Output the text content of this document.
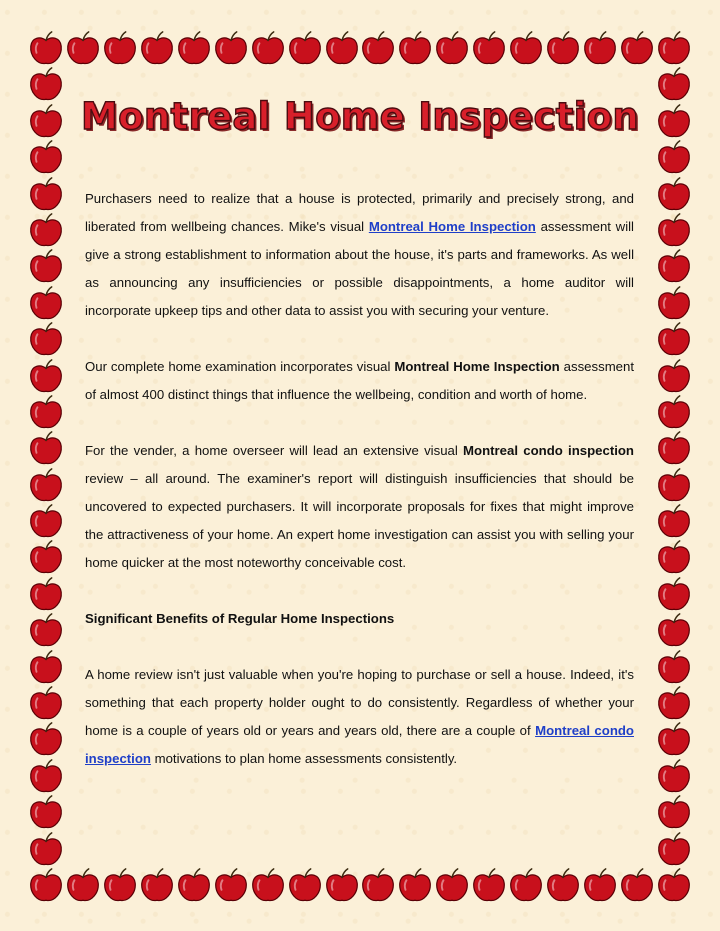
Montreal Home Inspection

Purchasers need to realize that a house is protected, primarily and precisely strong, and liberated from wellbeing chances. Mike's visual Montreal Home Inspection assessment will give a strong establishment to information about the house, it's parts and frameworks. As well as announcing any insufficiencies or possible disappointments, a home auditor will incorporate upkeep tips and other data to assist you with securing your venture.

Our complete home examination incorporates visual Montreal Home Inspection assessment of almost 400 distinct things that influence the wellbeing, condition and worth of home.

For the vender, a home overseer will lead an extensive visual Montreal condo inspection review – all around. The examiner's report will distinguish insufficiencies that should be uncovered to expected purchasers. It will incorporate proposals for fixes that might improve the attractiveness of your home. An expert home investigation can assist you with selling your home quicker at the most noteworthy conceivable cost.

Significant Benefits of Regular Home Inspections

A home review isn't just valuable when you're hoping to purchase or sell a house. Indeed, it's something that each property holder ought to do consistently. Regardless of whether your home is a couple of years old or years and years old, there are a couple of Montreal condo inspection motivations to plan home assessments consistently.
